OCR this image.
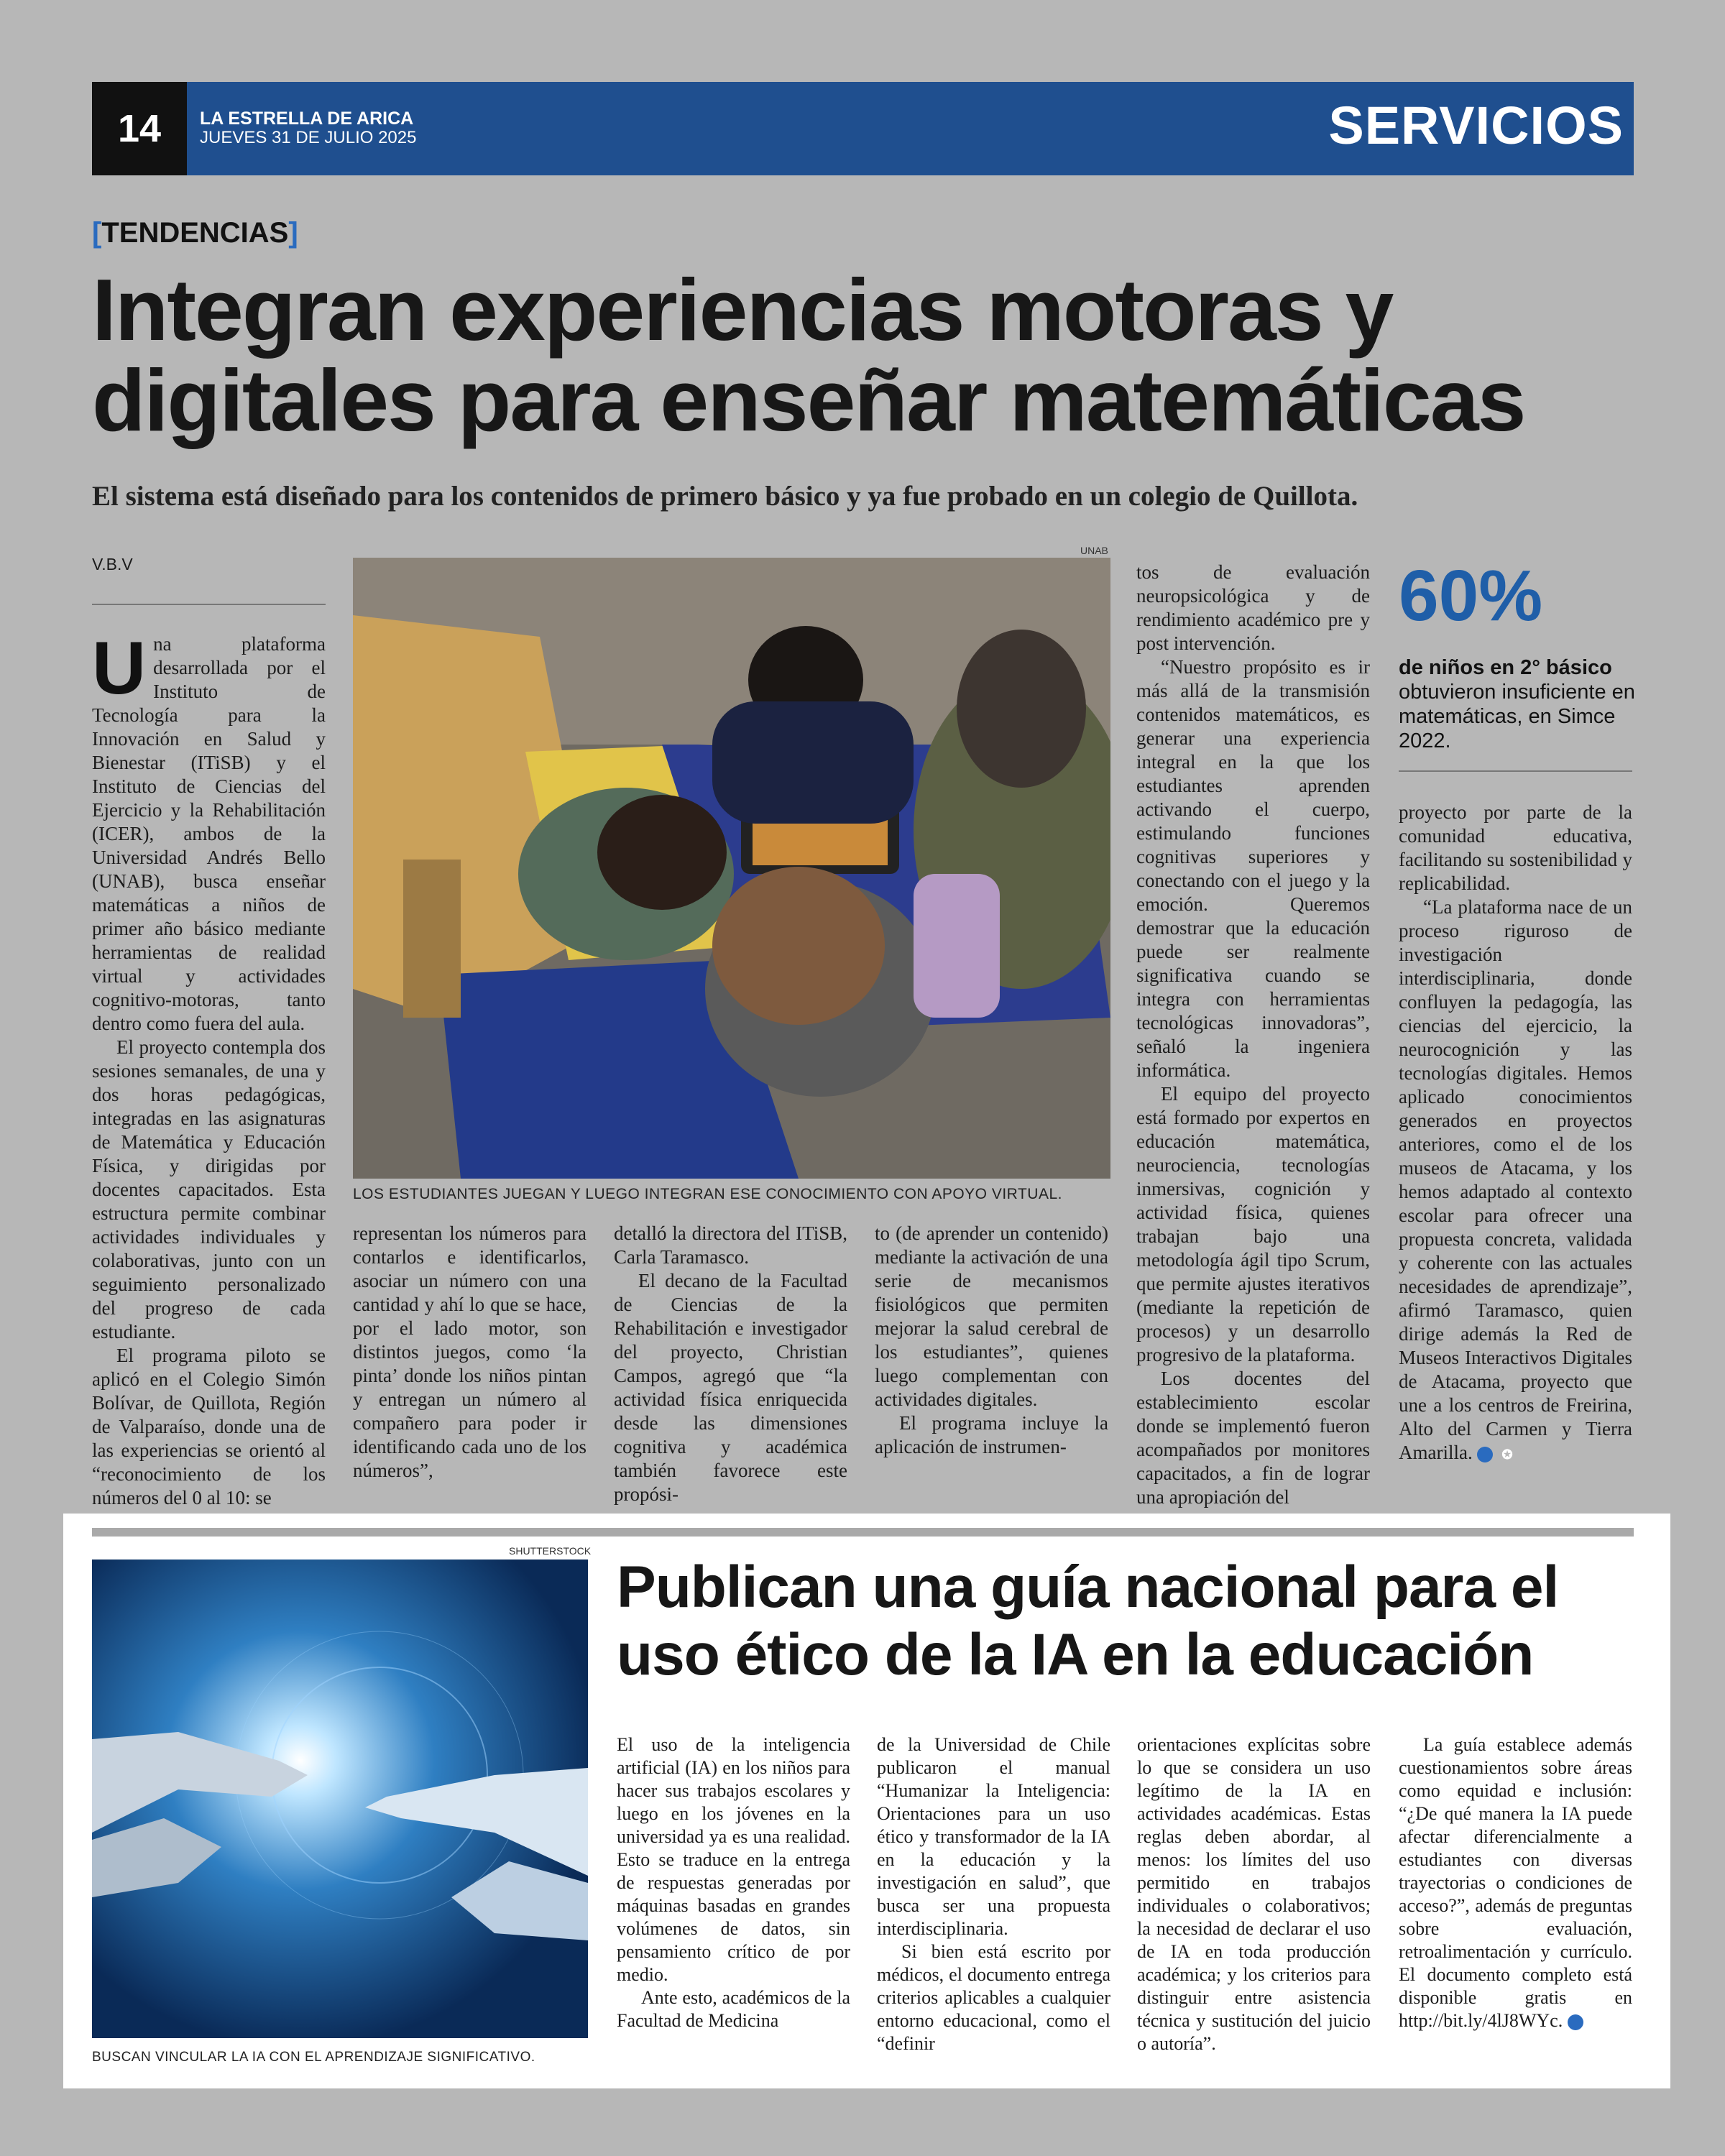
14	LA ESTRELLA DE ARICA
JUEVES 31 DE JULIO 2025	SERVICIOS
[TENDENCIAS]
Integran experiencias motoras y digitales para enseñar matemáticas
El sistema está diseñado para los contenidos de primero básico y ya fue probado en un colegio de Quillota.
V.B.V

Una plataforma desarrollada por el Instituto de Tecnología para la Innovación en Salud y Bienestar (ITiSB) y el Instituto de Ciencias del Ejercicio y la Rehabilitación (ICER), ambos de la Universidad Andrés Bello (UNAB), busca enseñar matemáticas a niños de primer año básico mediante herramientas de realidad virtual y actividades cognitivo-motoras, tanto dentro como fuera del aula.

El proyecto contempla dos sesiones semanales, de una y dos horas pedagógicas, integradas en las asignaturas de Matemática y Educación Física, y dirigidas por docentes capacitados. Esta estructura permite combinar actividades individuales y colaborativas, junto con un seguimiento personalizado del progreso de cada estudiante.

El programa piloto se aplicó en el Colegio Simón Bolívar, de Quillota, Región de Valparaíso, donde una de las experiencias se orientó al “reconocimiento de los números del 0 al 10: se

UNAB
LOS ESTUDIANTES JUEGAN Y LUEGO INTEGRAN ESE CONOCIMIENTO CON APOYO VIRTUAL.

representan los números para contarlos e identificarlos, asociar un número con una cantidad y ahí lo que se hace, por el lado motor, son distintos juegos, como ‘la pinta’ donde los niños pintan y entregan un número al compañero para poder ir identificando cada uno de los números”,

detalló la directora del ITiSB, Carla Taramasco.

El decano de la Facultad de Ciencias de la Rehabilitación e investigador del proyecto, Christian Campos, agregó que “la actividad física enriquecida desde las dimensiones cognitiva y académica también favorece este propósi-

to (de aprender un contenido) mediante la activación de una serie de mecanismos fisiológicos que permiten mejorar la salud cerebral de los estudiantes”, quienes luego complementan con actividades digitales.

El programa incluye la aplicación de instrumen-

tos de evaluación neuropsicológica y de rendimiento académico pre y post intervención.

“Nuestro propósito es ir más allá de la transmisión contenidos matemáticos, es generar una experiencia integral en la que los estudiantes aprenden activando el cuerpo, estimulando funciones cognitivas superiores y conectando con el juego y la emoción. Queremos demostrar que la educación puede ser realmente significativa cuando se integra con herramientas tecnológicas innovadoras”, señaló la ingeniera informática.

El equipo del proyecto está formado por expertos en educación matemática, neurociencia, tecnologías inmersivas, cognición y actividad física, quienes trabajan bajo una metodología ágil tipo Scrum, que permite ajustes iterativos (mediante la repetición de procesos) y un desarrollo progresivo de la plataforma.

Los docentes del establecimiento escolar donde se implementó fueron acompañados por monitores capacitados, a fin de lograr una apropiación del

60%
de niños en 2° básico
obtuvieron insuficiente en matemáticas, en Simce 2022.

proyecto por parte de la comunidad educativa, facilitando su sostenibilidad y replicabilidad.

“La plataforma nace de un proceso riguroso de investigación interdisciplinaria, donde confluyen la pedagogía, las ciencias del ejercicio, la neurocognición y las tecnologías digitales. Hemos aplicado conocimientos generados en proyectos anteriores, como el de los museos de Atacama, y los hemos adaptado al contexto escolar para ofrecer una propuesta concreta, validada y coherente con las actuales necesidades de aprendizaje”, afirmó Taramasco, quien dirige además la Red de Museos Interactivos Digitales de Atacama, proyecto que une a los centros de Freirina, Alto del Carmen y Tierra Amarilla. ✪

SHUTTERSTOCK
BUSCAN VINCULAR LA IA CON EL APRENDIZAJE SIGNIFICATIVO.
Publican una guía nacional para el uso ético de la IA en la educación

El uso de la inteligencia artificial (IA) en los niños para hacer sus trabajos escolares y luego en los jóvenes en la universidad ya es una realidad. Esto se traduce en la entrega de respuestas generadas por máquinas basadas en grandes volúmenes de datos, sin pensamiento crítico de por medio.

Ante esto, académicos de la Facultad de Medicina

de la Universidad de Chile publicaron el manual “Humanizar la Inteligencia: Orientaciones para un uso ético y transformador de la IA en la educación y la investigación en salud”, que busca ser una propuesta interdisciplinaria.

Si bien está escrito por médicos, el documento entrega criterios aplicables a cualquier entorno educacional, como el “definir

orientaciones explícitas sobre lo que se considera un uso legítimo de la IA en actividades académicas. Estas reglas deben abordar, al menos: los límites del uso permitido en trabajos individuales o colaborativos; la necesidad de declarar el uso de IA en toda producción académica; y los criterios para distinguir entre asistencia técnica y sustitución del juicio o autoría”.

La guía establece además cuestionamientos sobre áreas como equidad e inclusión: “¿De qué manera la IA puede afectar diferencialmente a estudiantes con diversas trayectorias o condiciones de acceso?”, además de preguntas sobre evaluación, retroalimentación y currículo. El documento completo está disponible gratis en http://bit.ly/4lJ8WYc. ✪
